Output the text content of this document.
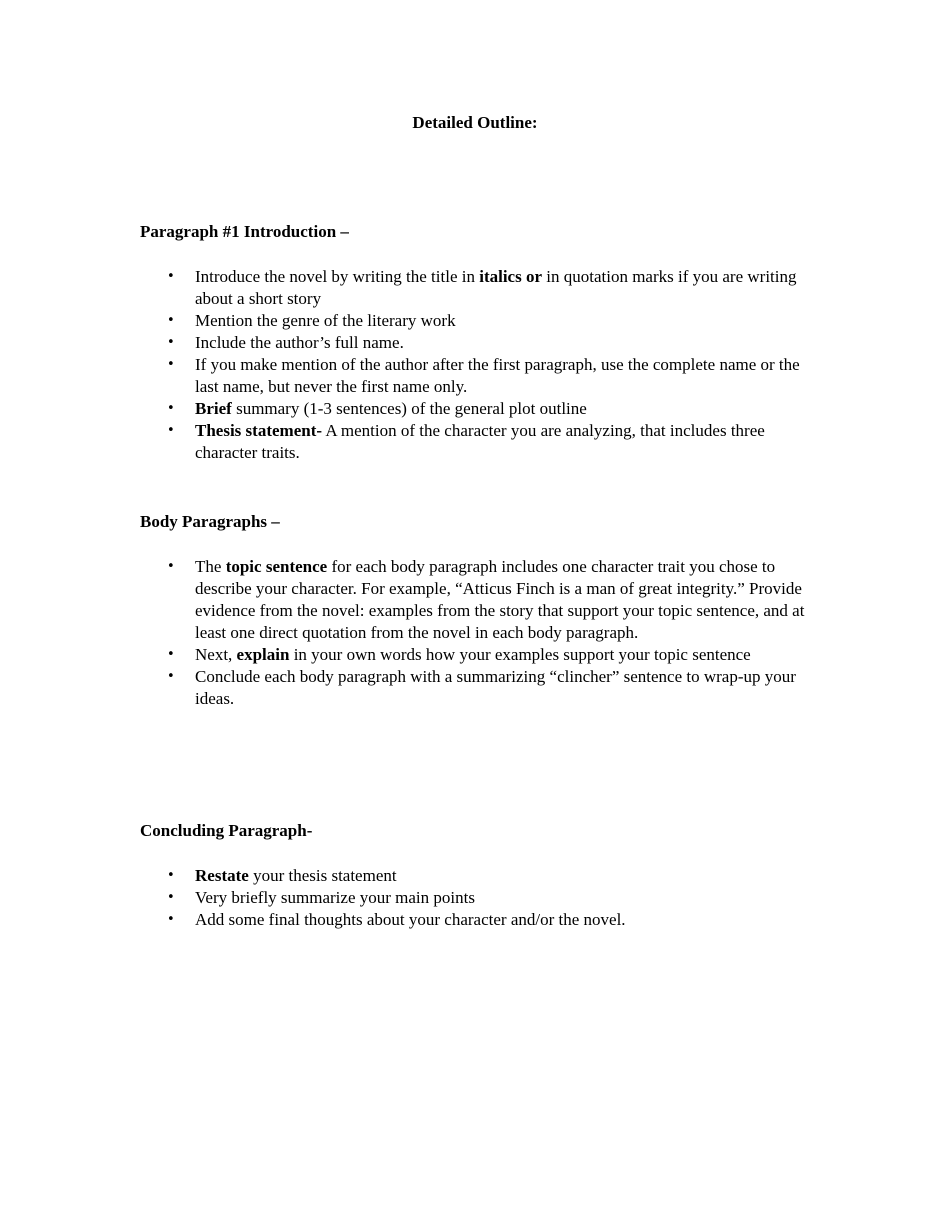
Detailed Outline:
Paragraph #1 Introduction –
• Introduce the novel by writing the title in italics or in quotation marks if you are writing about a short story
• Mention the genre of the literary work
• Include the author’s full name.
• If you make mention of the author after the first paragraph, use the complete name or the last name, but never the first name only.
• Brief summary (1-3 sentences) of the general plot outline
• Thesis statement- A mention of the character you are analyzing, that includes three character traits.
Body Paragraphs –
• The topic sentence for each body paragraph includes one character trait you chose to describe your character. For example, “Atticus Finch is a man of great integrity.” Provide evidence from the novel: examples from the story that support your topic sentence, and at least one direct quotation from the novel in each body paragraph.
• Next, explain in your own words how your examples support your topic sentence
• Conclude each body paragraph with a summarizing “clincher” sentence to wrap-up your ideas.
Concluding Paragraph-
• Restate your thesis statement
• Very briefly summarize your main points
• Add some final thoughts about your character and/or the novel.
